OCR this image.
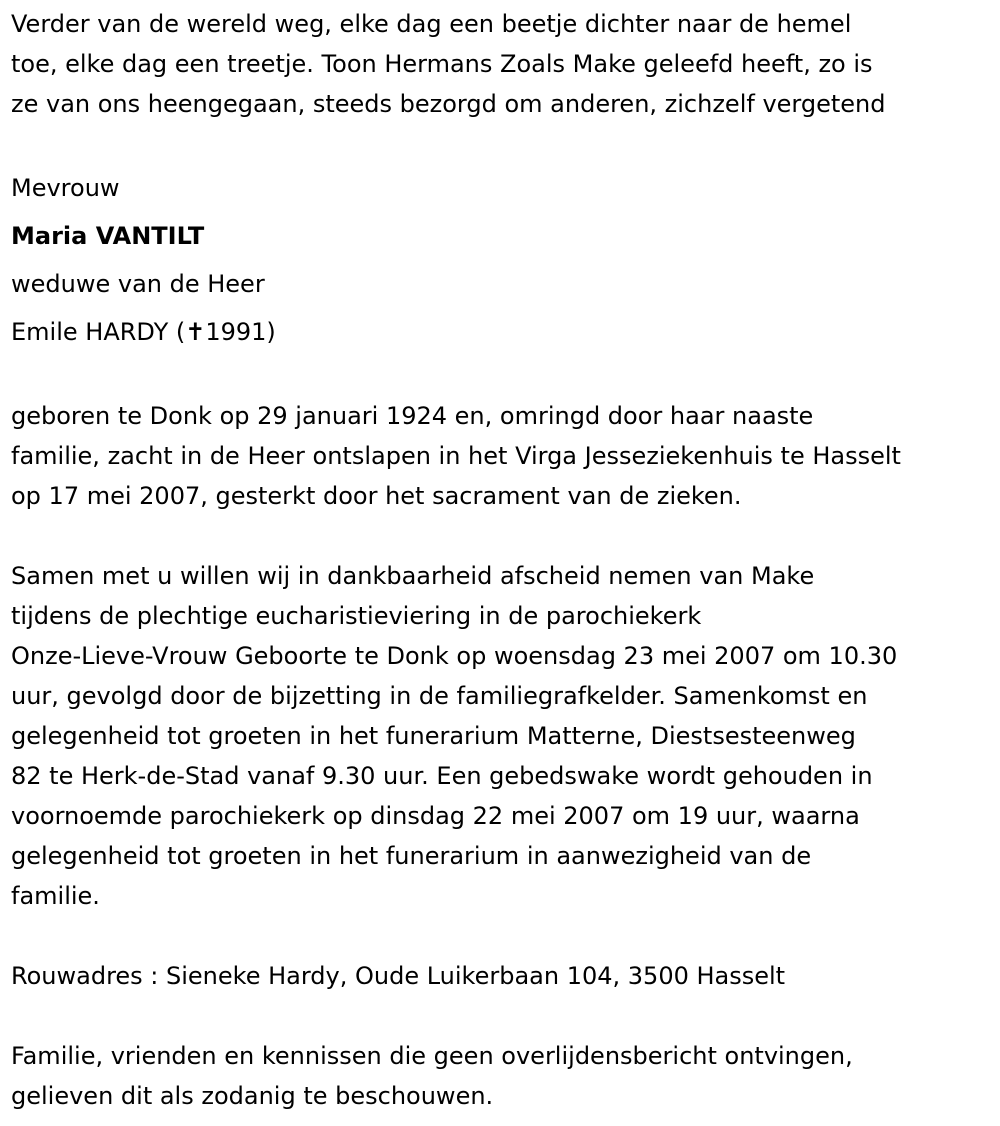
Verder van de wereld weg, elke dag een beetje dichter naar de hemel
toe, elke dag een treetje. Toon Hermans Zoals Make geleefd heeft, zo is
ze van ons heengegaan, steeds bezorgd om anderen, zichzelf vergetend
Mevrouw
Maria VANTILT
weduwe van de Heer
Emile HARDY (✝1991)
geboren te Donk op 29 januari 1924 en, omringd door haar naaste
familie, zacht in de Heer ontslapen in het Virga Jesseziekenhuis te Hasselt
op 17 mei 2007, gesterkt door het sacrament van de zieken.
Samen met u willen wij in dankbaarheid afscheid nemen van Make
tijdens de plechtige eucharistieviering in de parochiekerk
Onze-Lieve-Vrouw Geboorte te Donk op woensdag 23 mei 2007 om 10.30
uur, gevolgd door de bijzetting in de familiegrafkelder. Samenkomst en
gelegenheid tot groeten in het funerarium Matterne, Diestsesteenweg
82 te Herk-de-Stad vanaf 9.30 uur. Een gebedswake wordt gehouden in
voornoemde parochiekerk op dinsdag 22 mei 2007 om 19 uur, waarna
gelegenheid tot groeten in het funerarium in aanwezigheid van de
familie.
Rouwadres : Sieneke Hardy, Oude Luikerbaan 104, 3500 Hasselt
Familie, vrienden en kennissen die geen overlijdensbericht ontvingen,
gelieven dit als zodanig te beschouwen.
